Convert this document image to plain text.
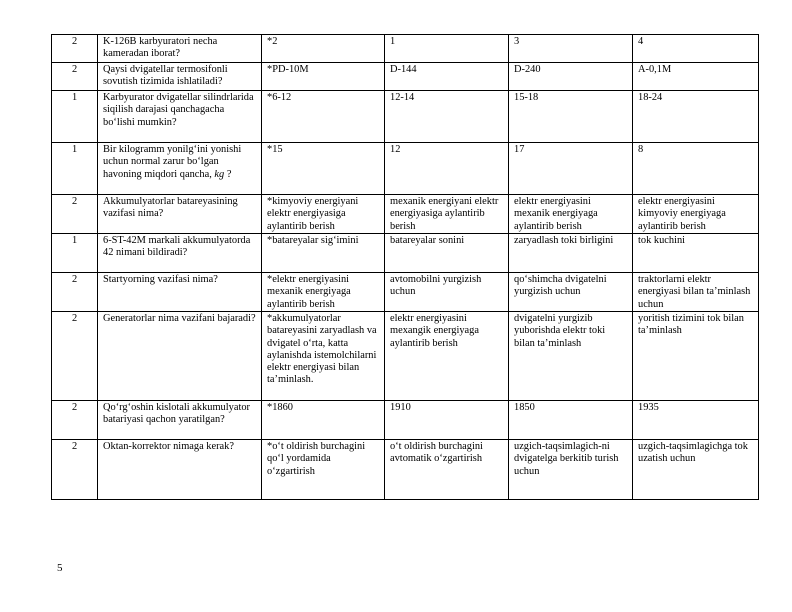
2	K-126B karbyuratori necha kameradan iborat?	*2	1	3	4
2	Qaysi dvigatellar termosifonli sovutish tizimida ishlatiladi?	*PD-10M	D-144	D-240	A-0,1M
1	Karbyurator dvigatellar silindrlarida siqilish darajasi qanchagacha bo‘lishi mumkin?	*6-12	12-14	15-18	18-24
1	Bir kilogramm yonilg‘ini yonishi uchun normal zarur bo‘lgan havoning miqdori qancha, kg ?	*15	12	17	8
2	Akkumulyatorlar batareyasining vazifasi nima?	*kimyoviy energiyani elektr energiyasiga aylantirib berish	mexanik energiyani elektr energiyasiga aylantirib berish	elektr energiyasini mexanik energiyaga aylantirib berish	elektr energiyasini kimyoviy energiyaga aylantirib berish
1	6-ST-42M markali akkumulyatorda 42 nimani bildiradi?	*batareyalar sig‘imini	batareyalar sonini	zaryadlash toki birligini	tok kuchini
2	Startyorning vazifasi nima?	*elektr energiyasini mexanik energiyaga aylantirib berish	avtomobilni yurgizish uchun	qo‘shimcha dvigatelni yurgizish uchun	traktorlarni elektr energiyasi bilan ta’minlash uchun
2	Generatorlar nima vazifani bajaradi?	*akkumulyatorlar batareyasini zaryadlash va dvigatel o‘rta, katta aylanishda istemolchilarni elektr energiyasi bilan ta’minlash.	elektr energiyasini mexangik energiyaga aylantirib berish	dvigatelni yurgizib yuborishda elektr toki bilan ta’minlash	yoritish tizimini tok bilan ta’minlash
2	Qo‘rg‘oshin kislotali akkumulyator batariyasi qachon yaratilgan?	*1860	1910	1850	1935
2	Oktan-korrektor nimaga kerak?	*o‘t oldirish burchagini qo‘l yordamida o‘zgartirish	o‘t oldirish burchagini avtomatik o‘zgartirish	uzgich-taqsimlagich-ni dvigatelga berkitib turish uchun	uzgich-taqsimlagichga tok uzatish uchun
5
